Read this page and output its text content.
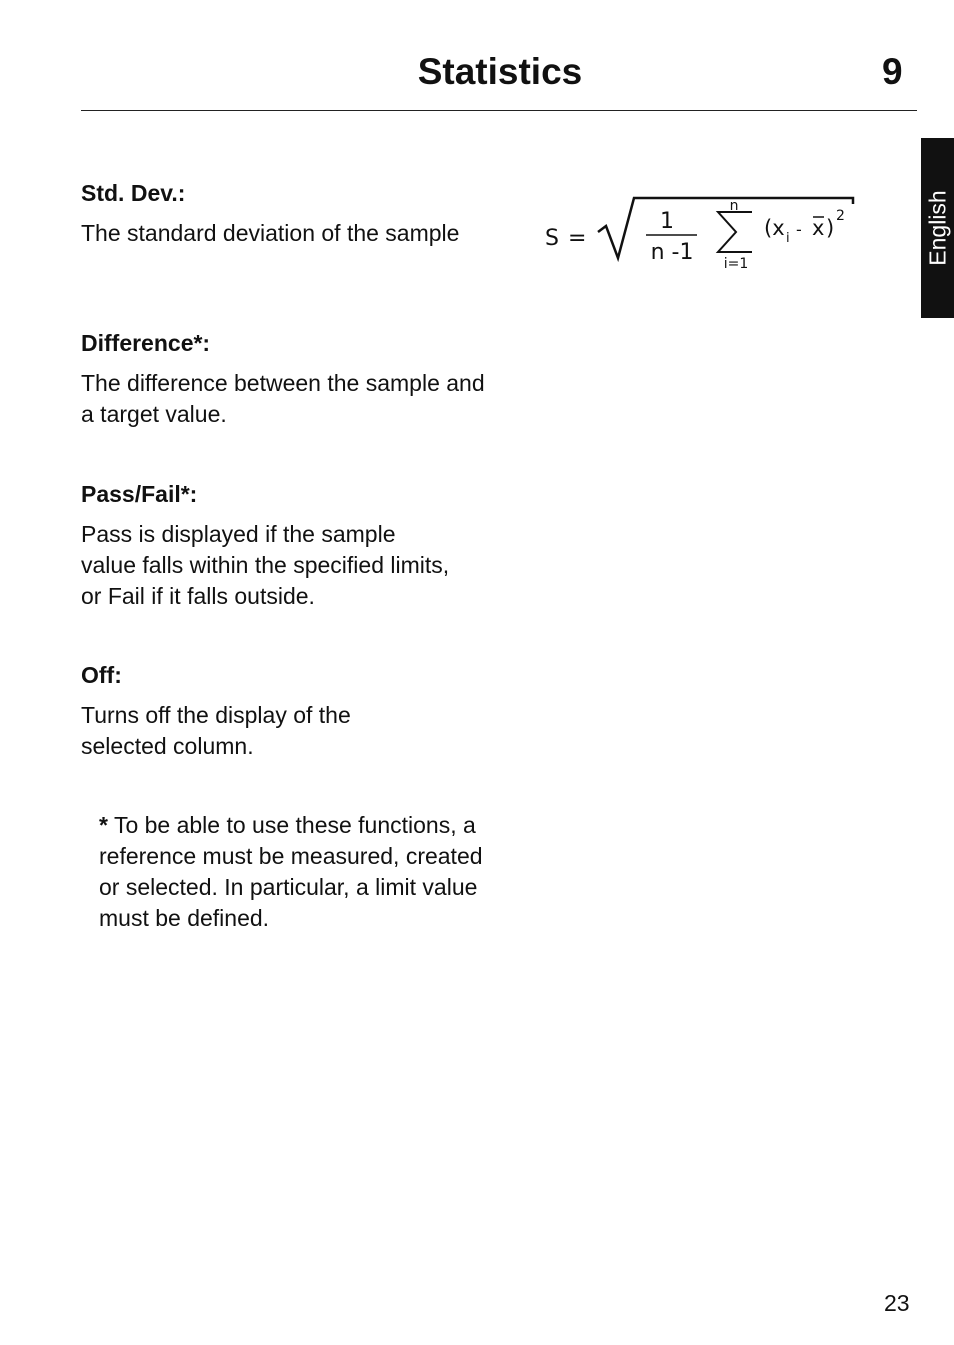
Statistics	9
English
Std. Dev.:

The standard deviation of the sample

Difference*:

The difference between the sample and a target value.

Pass/Fail*:

Pass is displayed if the sample value falls within the specified limits, or Fail if it falls outside.

Off:

Turns off the display of the selected column.

* To be able to use these functions, a reference must be measured, created or selected. In particular, a limit value must be defined.
S =
1
n -1
n
i=1
(x i - x ) 2
23
